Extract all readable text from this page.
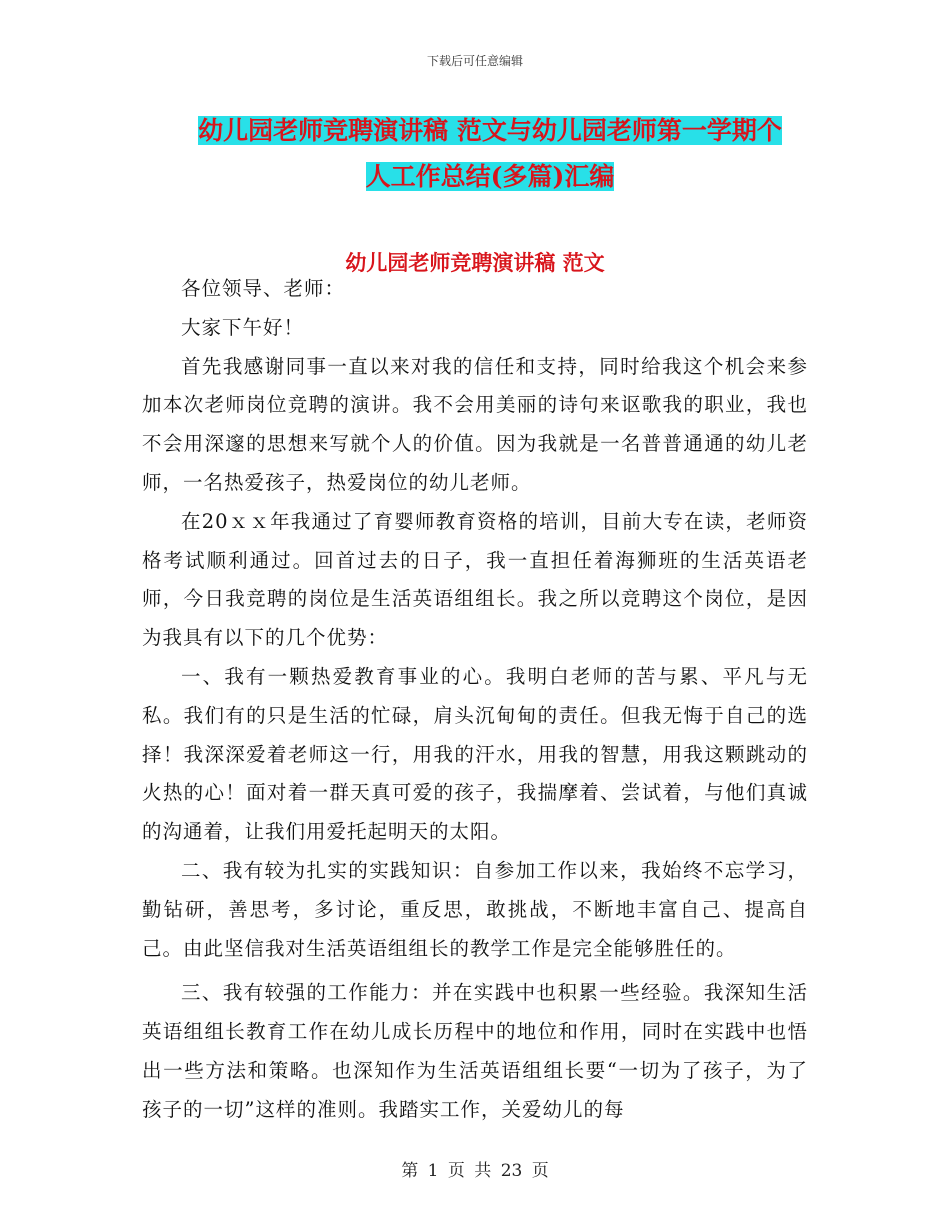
下载后可任意编辑
幼儿园老师竞聘演讲稿 范文与幼儿园老师第一学期个
人工作总结(多篇)汇编
幼儿园老师竞聘演讲稿 范文

各位领导、老师：

大家下午好！

首先我感谢同事一直以来对我的信任和支持，同时给我这个机会来参加本次老师岗位竞聘的演讲。我不会用美丽的诗句来讴歌我的职业，我也不会用深邃的思想来写就个人的价值。因为我就是一名普普通通的幼儿老师，一名热爱孩子，热爱岗位的幼儿老师。

在20ｘｘ年我通过了育婴师教育资格的培训，目前大专在读，老师资格考试顺利通过。回首过去的日子，我一直担任着海狮班的生活英语老师，今日我竞聘的岗位是生活英语组组长。我之所以竞聘这个岗位，是因为我具有以下的几个优势：

一、我有一颗热爱教育事业的心。我明白老师的苦与累、平凡与无私。我们有的只是生活的忙碌，肩头沉甸甸的责任。但我无悔于自己的选择！我深深爱着老师这一行，用我的汗水，用我的智慧，用我这颗跳动的火热的心！面对着一群天真可爱的孩子，我揣摩着、尝试着，与他们真诚的沟通着，让我们用爱托起明天的太阳。

二、我有较为扎实的实践知识：自参加工作以来，我始终不忘学习，勤钻研，善思考，多讨论，重反思，敢挑战，不断地丰富自己、提高自己。由此坚信我对生活英语组组长的教学工作是完全能够胜任的。

三、我有较强的工作能力：并在实践中也积累一些经验。我深知生活英语组组长教育工作在幼儿成长历程中的地位和作用，同时在实践中也悟出一些方法和策略。也深知作为生活英语组组长要“一切为了孩子，为了孩子的一切”这样的准则。我踏实工作，关爱幼儿的每

第 1 页 共 23 页
